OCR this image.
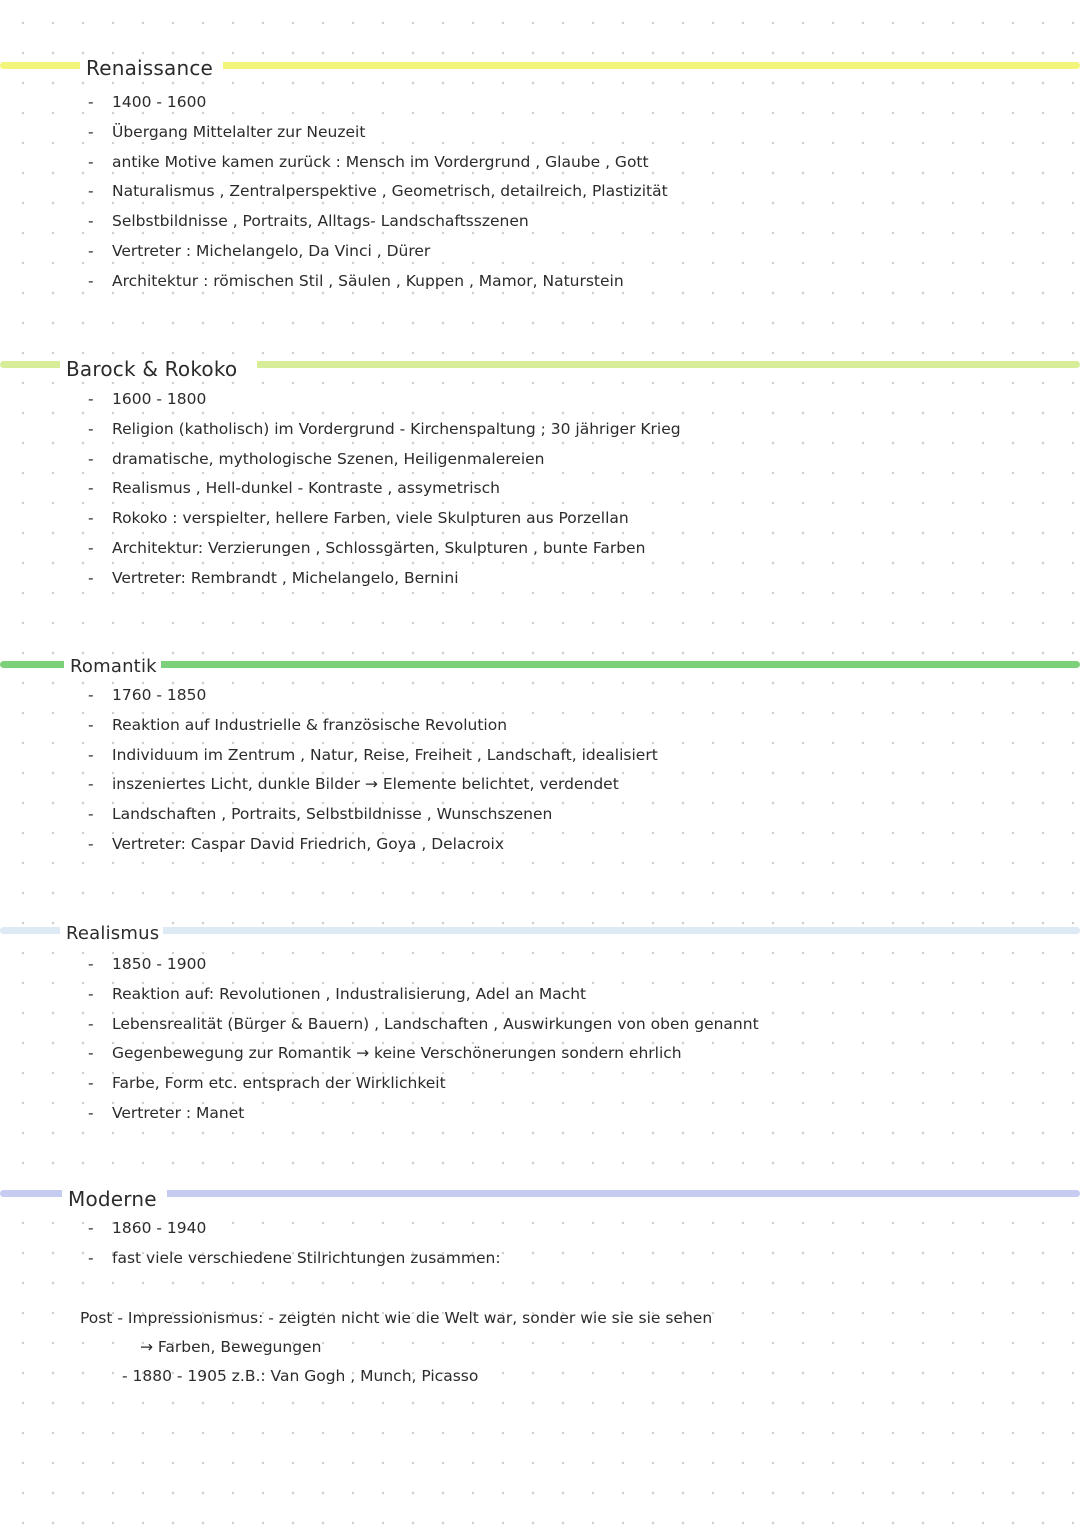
Renaissance
- 1400 - 1600
- Übergang Mittelalter zur Neuzeit
- antike Motive kamen zurück : Mensch im Vordergrund , Glaube , Gott
- Naturalismus , Zentralperspektive , Geometrisch, detailreich, Plastizität
- Selbstbildnisse , Portraits, Alltags- Landschaftsszenen
- Vertreter : Michelangelo, Da Vinci , Dürer
- Architektur : römischen Stil , Säulen , Kuppen , Mamor, Naturstein
Barock & Rokoko
- 1600 - 1800
- Religion (katholisch) im Vordergrund - Kirchenspaltung ; 30 jähriger Krieg
- dramatische, mythologische Szenen, Heiligenmalereien
- Realismus , Hell-dunkel - Kontraste , assymetrisch
- Rokoko : verspielter, hellere Farben, viele Skulpturen aus Porzellan
- Architektur: Verzierungen , Schlossgärten, Skulpturen , bunte Farben
- Vertreter: Rembrandt , Michelangelo, Bernini
Romantik
- 1760 - 1850
- Reaktion auf Industrielle & französische Revolution
- Individuum im Zentrum , Natur, Reise, Freiheit , Landschaft, idealisiert
- inszeniertes Licht, dunkle Bilder → Elemente belichtet, verdendet
- Landschaften , Portraits, Selbstbildnisse , Wunschszenen
- Vertreter: Caspar David Friedrich, Goya , Delacroix
Realismus
- 1850 - 1900
- Reaktion auf: Revolutionen , Industralisierung, Adel an Macht
- Lebensrealität (Bürger & Bauern) , Landschaften , Auswirkungen von oben genannt
- Gegenbewegung zur Romantik → keine Verschönerungen sondern ehrlich
- Farbe, Form etc. entsprach der Wirklichkeit
- Vertreter : Manet
Moderne
- 1860 - 1940
- fast viele verschiedene Stilrichtungen zusammen:
Post - Impressionismus: - zeigten nicht wie die Welt war, sonder wie sie sie sehen
→ Farben, Bewegungen
- 1880 - 1905 z.B.: Van Gogh , Munch, Picasso
